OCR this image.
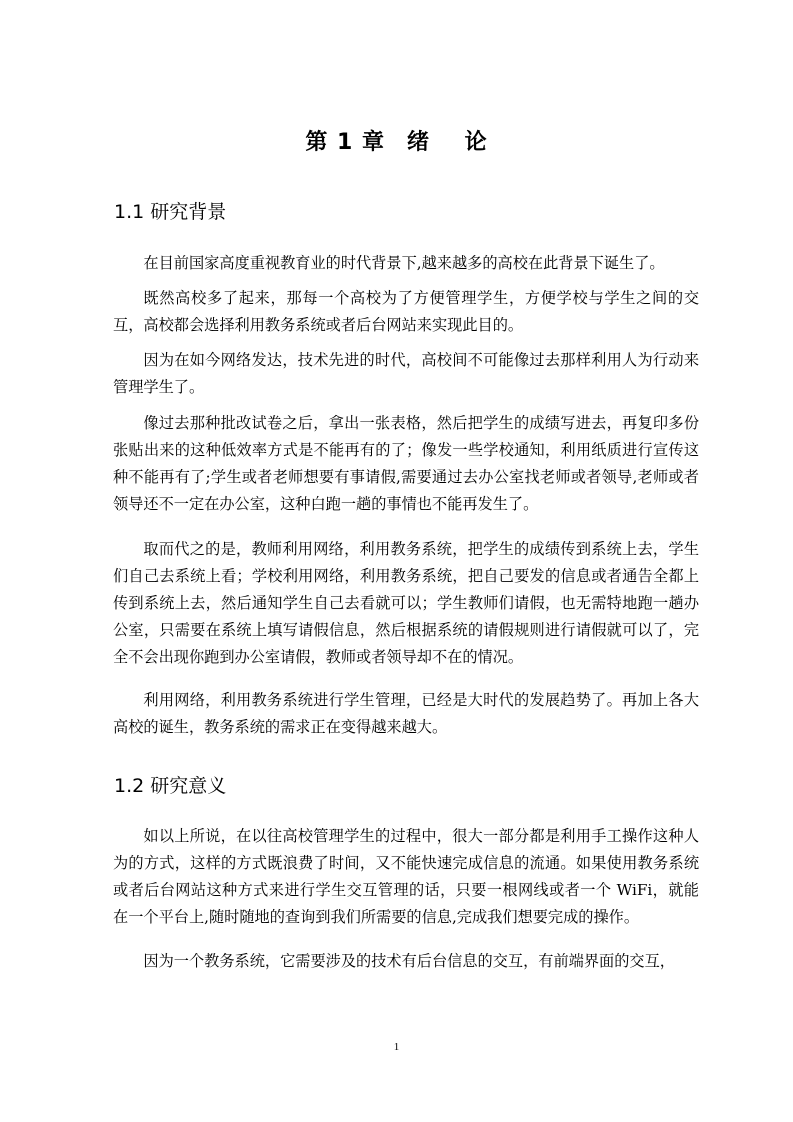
第 1 章 绪    论
1.1 研究背景
在目前国家高度重视教育业的时代背景下,越来越多的高校在此背景下诞生了。
既然高校多了起来，那每一个高校为了方便管理学生，方便学校与学生之间的交互，高校都会选择利用教务系统或者后台网站来实现此目的。
因为在如今网络发达，技术先进的时代，高校间不可能像过去那样利用人为行动来管理学生了。
像过去那种批改试卷之后，拿出一张表格，然后把学生的成绩写进去，再复印多份张贴出来的这种低效率方式是不能再有的了；像发一些学校通知，利用纸质进行宣传这种不能再有了;学生或者老师想要有事请假,需要通过去办公室找老师或者领导,老师或者领导还不一定在办公室，这种白跑一趟的事情也不能再发生了。
取而代之的是，教师利用网络，利用教务系统，把学生的成绩传到系统上去，学生们自己去系统上看；学校利用网络，利用教务系统，把自己要发的信息或者通告全都上传到系统上去，然后通知学生自己去看就可以；学生教师们请假，也无需特地跑一趟办公室，只需要在系统上填写请假信息，然后根据系统的请假规则进行请假就可以了，完全不会出现你跑到办公室请假，教师或者领导却不在的情况。
利用网络，利用教务系统进行学生管理，已经是大时代的发展趋势了。再加上各大高校的诞生，教务系统的需求正在变得越来越大。
1.2 研究意义
如以上所说，在以往高校管理学生的过程中，很大一部分都是利用手工操作这种人为的方式，这样的方式既浪费了时间，又不能快速完成信息的流通。如果使用教务系统或者后台网站这种方式来进行学生交互管理的话，只要一根网线或者一个 WiFi，就能在一个平台上,随时随地的查询到我们所需要的信息,完成我们想要完成的操作。
因为一个教务系统，它需要涉及的技术有后台信息的交互，有前端界面的交互，
1
